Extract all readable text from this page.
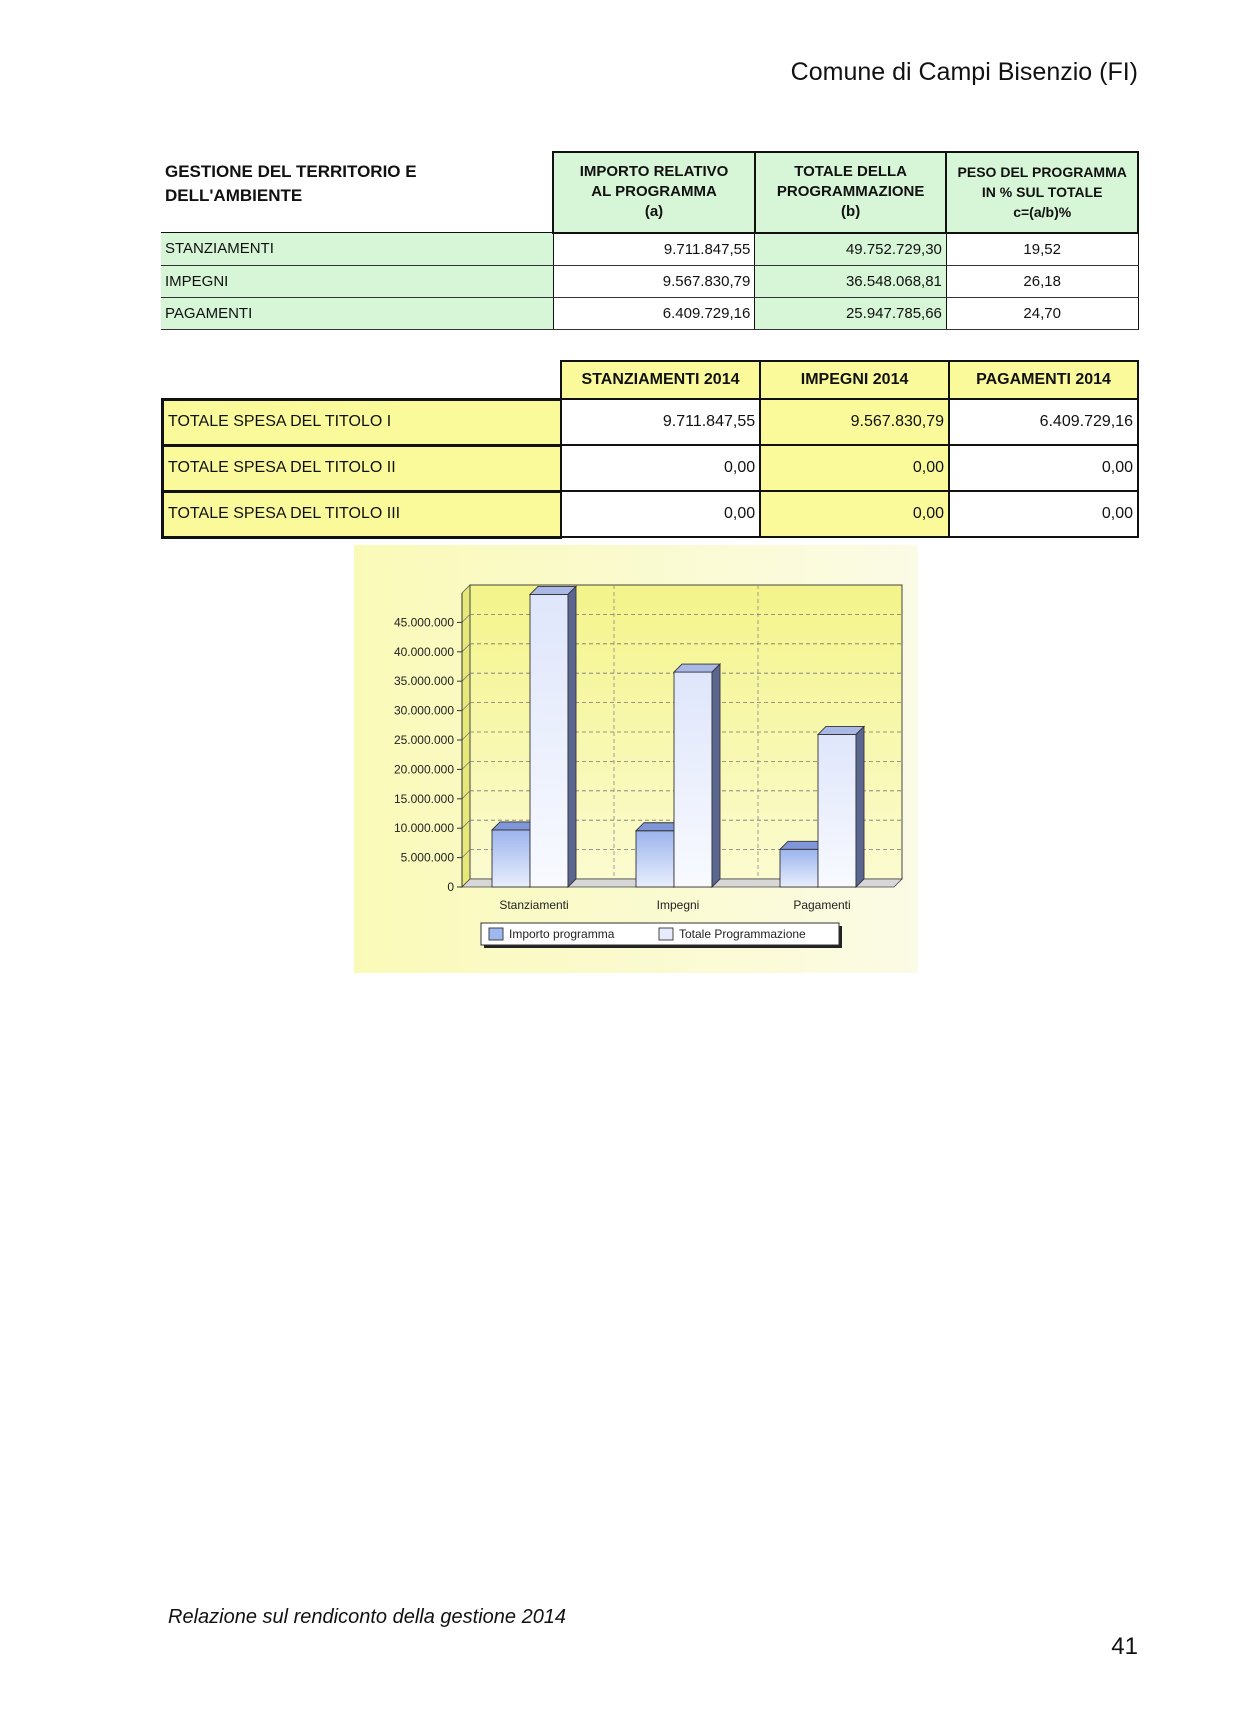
Comune di Campi Bisenzio (FI)
GESTIONE DEL TERRITORIO E DELL'AMBIENTE	IMPORTO RELATIVO
AL PROGRAMMA
(a)	TOTALE DELLA
PROGRAMMAZIONE
(b)	PESO DEL PROGRAMMA
IN % SUL TOTALE
c=(a/b)%
STANZIAMENTI	9.711.847,55	49.752.729,30	19,52
IMPEGNI	9.567.830,79	36.548.068,81	26,18
PAGAMENTI	6.409.729,16	25.947.785,66	24,70
	STANZIAMENTI 2014	IMPEGNI 2014	PAGAMENTI 2014
TOTALE SPESA DEL TITOLO I	9.711.847,55	9.567.830,79	6.409.729,16
TOTALE SPESA DEL TITOLO II	0,00	0,00	0,00
TOTALE SPESA DEL TITOLO III	0,00	0,00	0,00
0
5.000.000
10.000.000
15.000.000
20.000.000
25.000.000
30.000.000
35.000.000
40.000.000
45.000.000
Stanziamenti	Impegni	Pagamenti
Importo programma	Totale Programmazione
Relazione sul rendiconto della gestione 2014
41
